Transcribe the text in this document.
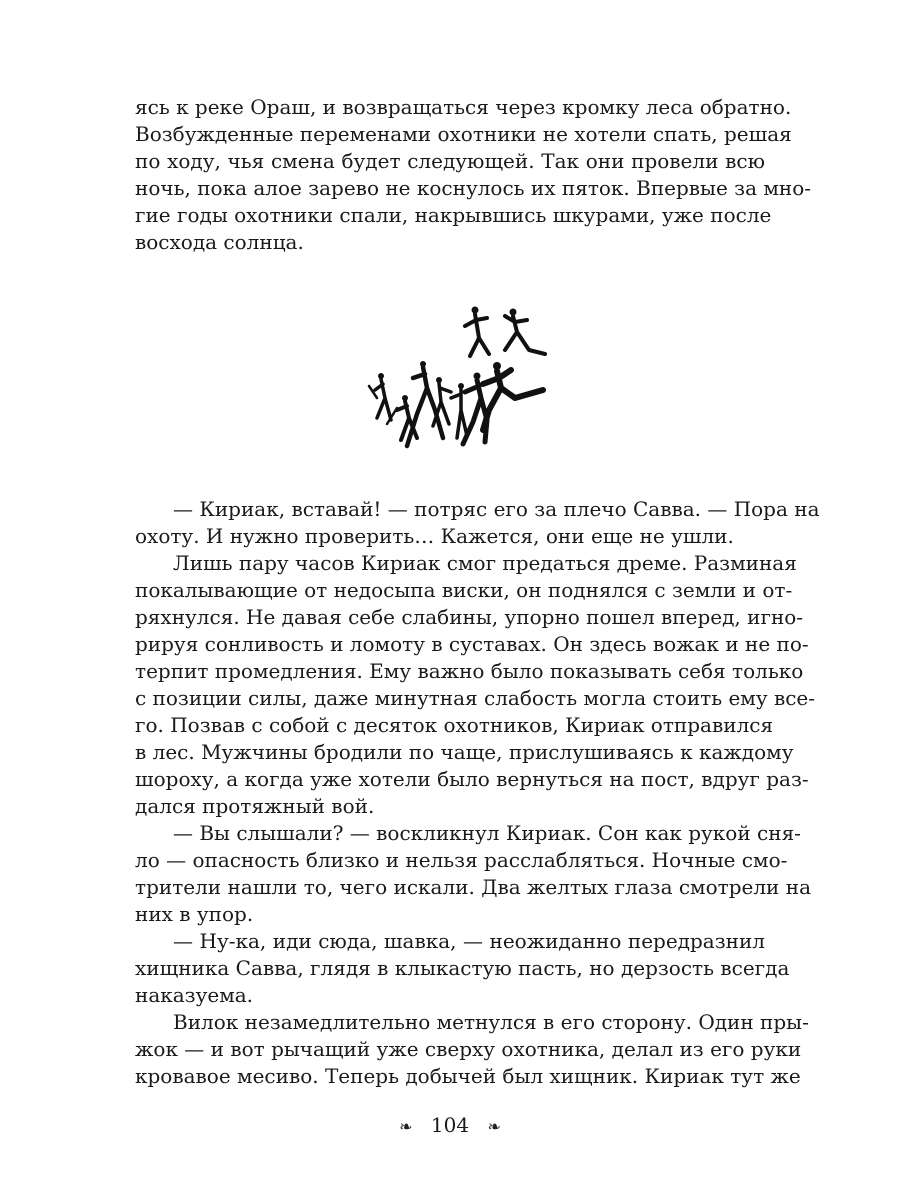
ясь к реке Ораш, и возвращаться через кромку леса обратно.
Возбужденные переменами охотники не хотели спать, решая
по ходу, чья смена будет следующей. Так они провели всю
ночь, пока алое зарево не коснулось их пяток. Впервые за мно-
гие годы охотники спали, накрывшись шкурами, уже после
восхода солнца.
— Кириак, вставай! — потряс его за плечо Савва. — Пора на
охоту. И нужно проверить… Кажется, они еще не ушли.
Лишь пару часов Кириак смог предаться дреме. Разминая
покалывающие от недосыпа виски, он поднялся с земли и от-
ряхнулся. Не давая себе слабины, упорно пошел вперед, игно-
рируя сонливость и ломоту в суставах. Он здесь вожак и не по-
терпит промедления. Ему важно было показывать себя только
с позиции силы, даже минутная слабость могла стоить ему все-
го. Позвав с собой с десяток охотников, Кириак отправился
в лес. Мужчины бродили по чаще, прислушиваясь к каждому
шороху, а когда уже хотели было вернуться на пост, вдруг раз-
дался протяжный вой.
— Вы слышали? — воскликнул Кириак. Сон как рукой сня-
ло — опасность близко и нельзя расслабляться. Ночные смо-
трители нашли то, чего искали. Два желтых глаза смотрели на
них в упор.
— Ну-ка, иди сюда, шавка, — неожиданно передразнил
хищника Савва, глядя в клыкастую пасть, но дерзость всегда
наказуема.
Вилок незамедлительно метнулся в его сторону. Один пры-
жок — и вот рычащий уже сверху охотника, делал из его руки
кровавое месиво. Теперь добычей был хищник. Кириак тут же
❧ 104 ❧
